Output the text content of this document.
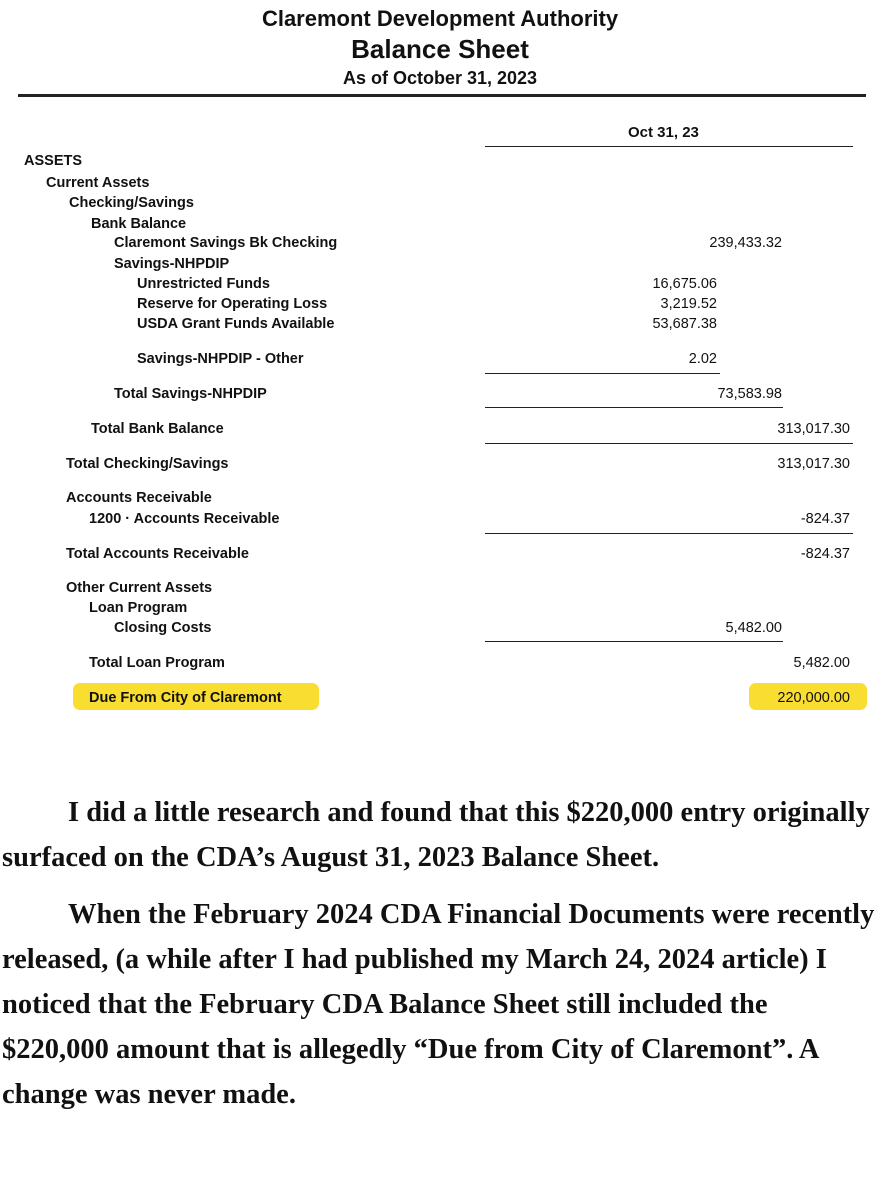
Claremont Development Authority
Balance Sheet
As of October 31, 2023
Oct 31, 23
ASSETS
Current Assets
Checking/Savings
Bank Balance
Claremont Savings Bk Checking	239,433.32
Savings-NHPDIP
Unrestricted Funds	16,675.06
Reserve for Operating Loss	3,219.52
USDA Grant Funds Available	53,687.38
Savings-NHPDIP - Other	2.02
Total Savings-NHPDIP	73,583.98
Total Bank Balance	313,017.30
Total Checking/Savings	313,017.30
Accounts Receivable
1200 · Accounts Receivable	-824.37
Total Accounts Receivable	-824.37
Other Current Assets
Loan Program
Closing Costs	5,482.00
Total Loan Program	5,482.00
Due From City of Claremont	220,000.00

I did a little research and found that this $220,000 entry originally surfaced on the CDA’s August 31, 2023 Balance Sheet.

When the February 2024 CDA Financial Documents were recently released, (a while after I had published my March 24, 2024 article) I noticed that the February CDA Balance Sheet still included the $220,000 amount that is allegedly “Due from City of Claremont”. A change was never made.
